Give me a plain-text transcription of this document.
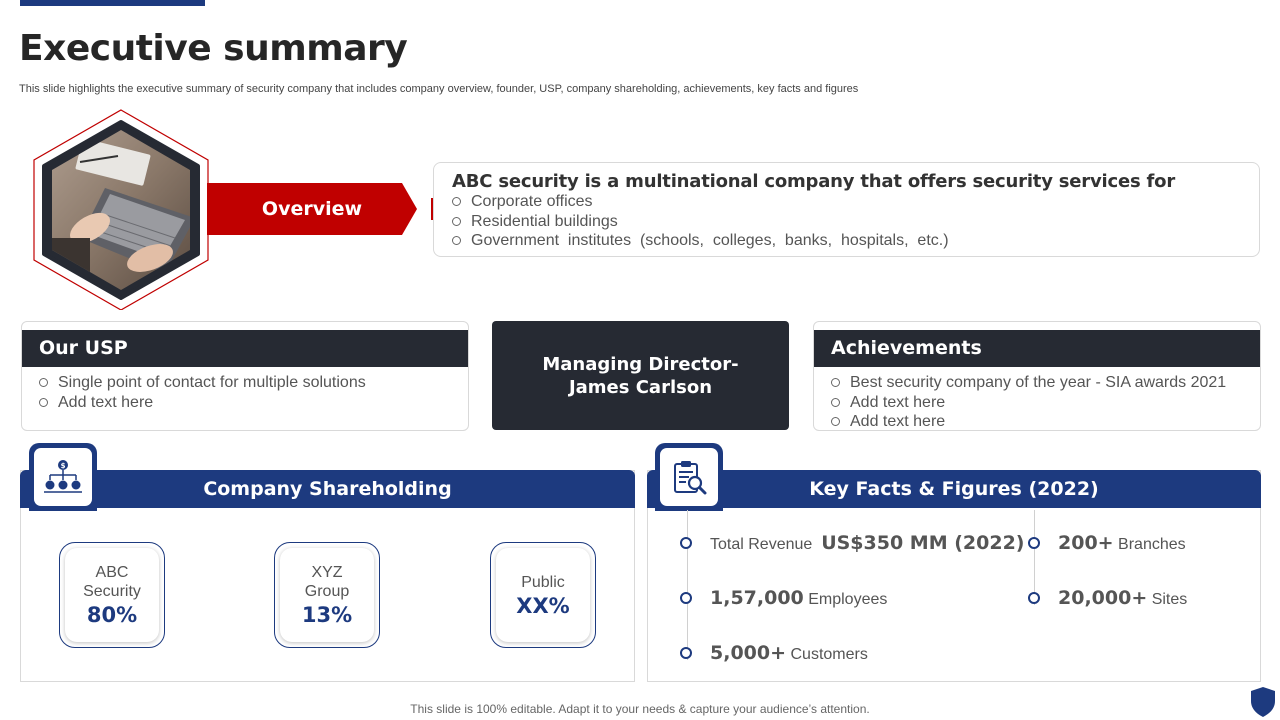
Executive summary

This slide highlights the executive summary of security company that includes company overview, founder, USP, company shareholding, achievements, key facts and figures

Overview
ABC security is a multinational company that offers security services for
Corporate offices
Residential buildings
Government  institutes  (schools,  colleges,  banks,  hospitals,  etc.)
Our USP
Single point of contact for multiple solutions
Add text here
Managing Director-
James Carlson
Achievements
Best security company of the year - SIA awards 2021
Add text here
Add text here
Company Shareholding
$
ABC
Security
80%
XYZ
Group
13%
Public
XX%
Key Facts & Figures (2022)
Total Revenue
US$350 MM (2022)
1,57,000
Employees
5,000+
Customers
200+
Branches
20,000+
Sites
This slide is 100% editable. Adapt it to your needs & capture your audience’s attention.
